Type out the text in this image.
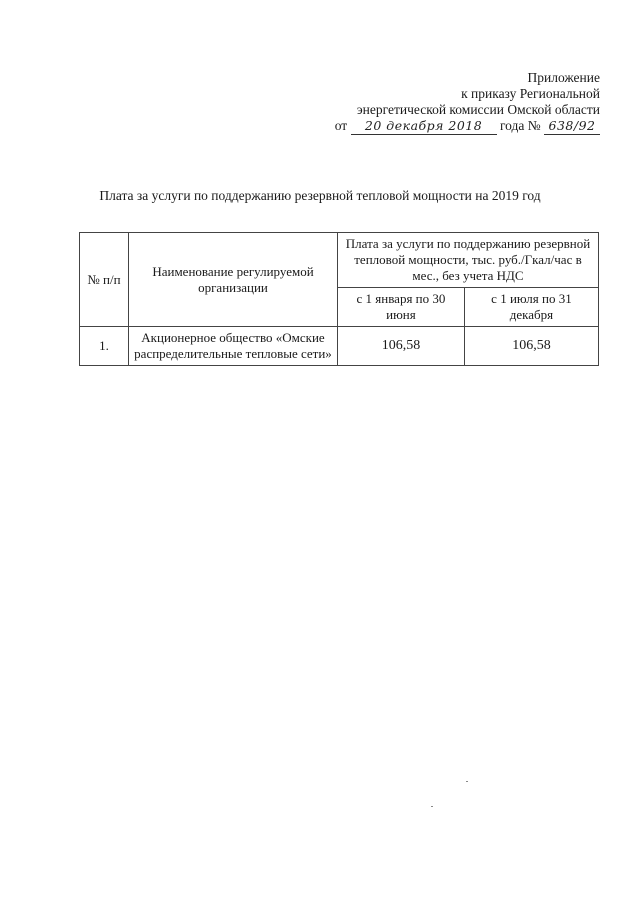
Приложение
к приказу Региональной
энергетической комиссии Омской области
от 20 декабря 2018 года № 638/92
Плата за услуги по поддержанию резервной тепловой мощности на 2019 год
№ п/п	Наименование регулируемой организации	Плата за услуги по поддержанию резервной тепловой мощности, тыс. руб./Гкал/час в мес., без учета НДС	
		с 1 января по 30 июня	с 1 июля по 31 декабря
1.	Акционерное общество «Омские распределительные тепловые сети»	106,58	106,58
